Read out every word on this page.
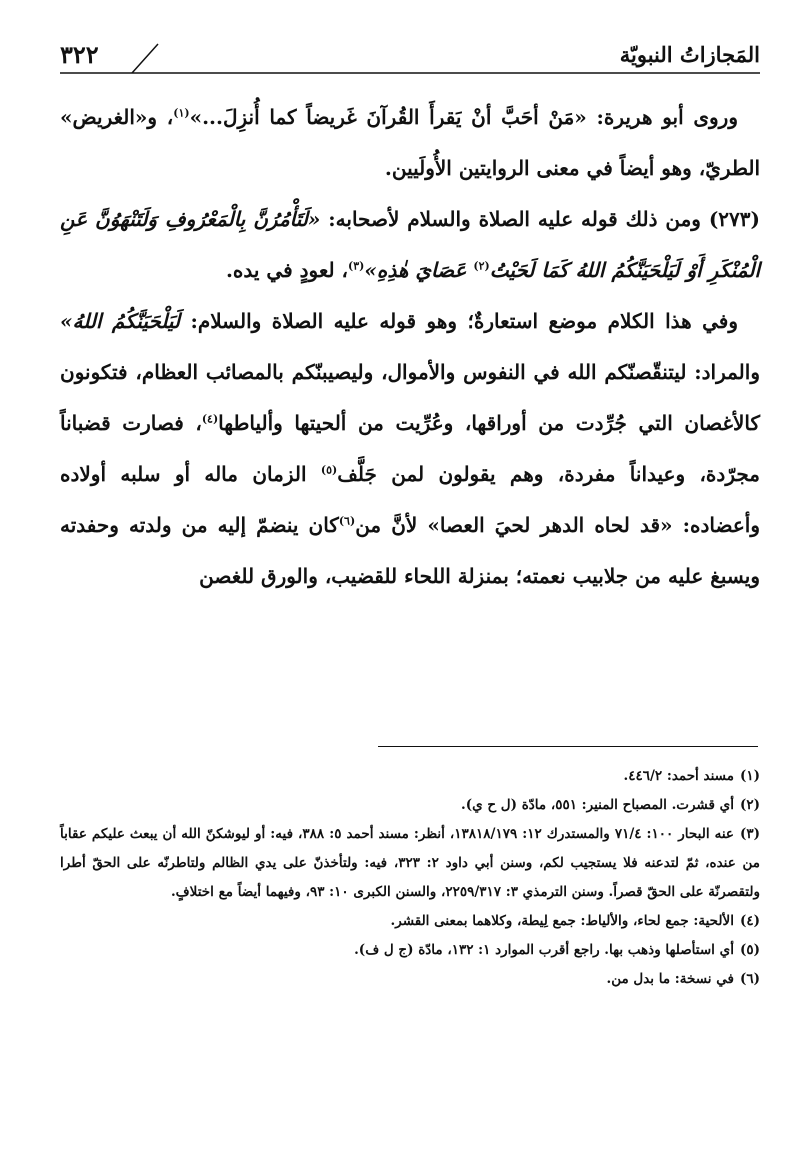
المَجازاتُ النبويّة
٣٢٢

وروى أبو هريرة: «مَنْ أحَبَّ أنْ يَقرأَ القُرآنَ غَريضاً كما أُنزِلَ...»$^{(١)}$، و«الغريض» الطريّ، وهو أيضاً في معنى الروايتين الأُولَيين.

(٢٧٣) ومن ذلك قوله عليه الصلاة والسلام لأصحابه: «لَتَأْمُرُنَّ بِالْمَعْرُوفِ وَلَتَنْهَوُنَّ عَنِ الْمُنْكَرِ أَوْ لَيَلْحَيَنَّكُمُ اللهُ كَمَا لَحَيْتُ$^{(٢)}$ عَصَايَ هٰذِهِ»$^{(٣)}$، لعودٍ في يده.

وفي هذا الكلام موضع استعارةٌ؛ وهو قوله عليه الصلاة والسلام: لَيَلْحَيَنَّكُمُ اللهُ» والمراد: ليتنقّصنّكم الله في النفوس والأموال، وليصيبنّكم بالمصائب العظام، فتكونون كالأغصان التي جُرِّدت من أوراقها، وعُرِّيت من ألحيتها وألياطها$^{(٤)}$، فصارت قضباناً مجرّدة، وعيداناً مفردة، وهم يقولون لمن جَلَّف$^{(٥)}$ الزمان ماله أو سلبه أولاده وأعضاده: «قد لحاه الدهر لحيَ العصا» لأنَّ من$^{(٦)}$كان ينضمّ إليه من ولدته وحفدته ويسبغ عليه من جلابيب نعمته؛ بمنزلة اللحاء للقضيب، والورق للغصن

(١)مسند أحمد: ٤٤٦/٢.

(٢)أي قشرت. المصباح المنير: ٥٥١، مادّة (ل ح ي).

(٣)عنه البحار ١٠٠: ٧١/٤ والمستدرك ١٢: ١٣٨١٨/١٧٩، أنظر: مسند أحمد ٥: ٣٨٨، فيه: أو ليوشكنّ الله أن يبعث عليكم عقاباً من عنده، ثمّ لتدعنه فلا يستجيب لكم، وسنن أبي داود ٢: ٣٢٣، فيه: ولتأخذنّ على يدي الظالم ولتاطرنّه على الحقّ أطرا ولتقصرنّة على الحقّ قصراً. وسنن الترمذي ٣: ٢٢٥٩/٣١٧، والسنن الكبرى ١٠: ٩٣، وفيهما أيضاً مع اختلافٍ.

(٤)الألحية: جمع لحاء، والألياط: جمع لِيطة، وكلاهما بمعنى القشر.

(٥)أي استأصلها وذهب بها. راجع أقرب الموارد ١: ١٣٢، مادّة (ج ل ف).

(٦)في نسخة: ما بدل من.
